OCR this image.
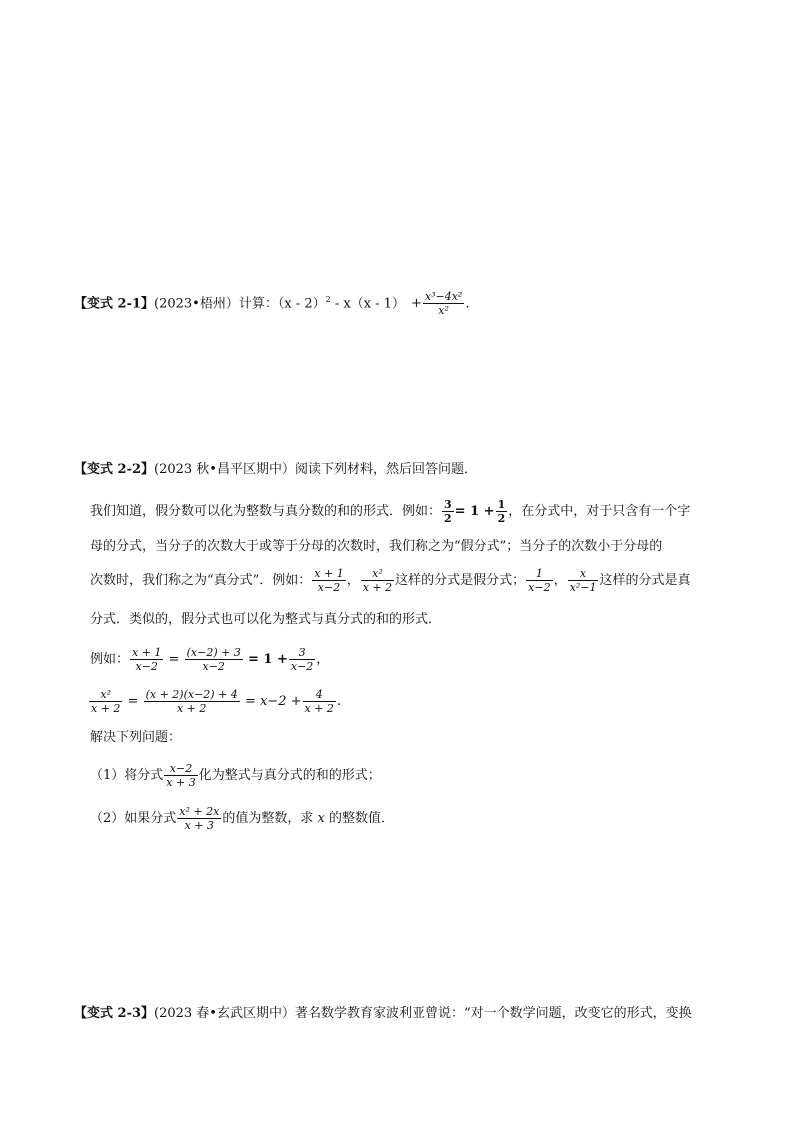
【变式 2-1】(2023•梧州）计算：$(x - 2)^2 - x(x - 1) + \frac{\text{x³−4x²}}{\text{x²}}$ .
【变式 2-2】(2023 秋•昌平区期中）阅读下列材料，然后回答问题．
我们知道，假分数可以化为整数与真分数的和的形式．例如： $\frac{3}{2} = 1 + \frac{1}{2}$ ，在分式中，对于只含有一个字
母的分式，当分子的次数大于或等于分母的次数时，我们称之为“假分式”；当分子的次数小于分母的
次数时，我们称之为“真分式”．例如： $\frac{x + 1}{x-2}$ ， $\frac{\text{x²}}{x + 2}$ 这样的分式是假分式； $\frac{1}{x-2}$ ， $\frac{x}{\text{x²−1}}$ 这样的分式是真
分式．类似的，假分式也可以化为整式与真分式的和的形式．
例如： $\frac{x + 1}{x-2} = \frac{(x-2) + 3}{x-2} = 1 + \frac{3}{x-2}$ ，
$\frac{\text{x²}}{x + 2} = \frac{(x + 2)(x-2) + 4}{x + 2} = x-2 + \frac{4}{x + 2}$ .
解决下列问题：
（1）将分式 $\frac{x-2}{x + 3}$ 化为整式与真分式的和的形式；
（2）如果分式 $\frac{\text{x² + 2x}}{x + 3}$ 的值为整数，求 x 的整数值．
【变式 2-3】(2023 春•玄武区期中）著名数学教育家波利亚曾说：“对一个数学问题，改变它的形式，变换
